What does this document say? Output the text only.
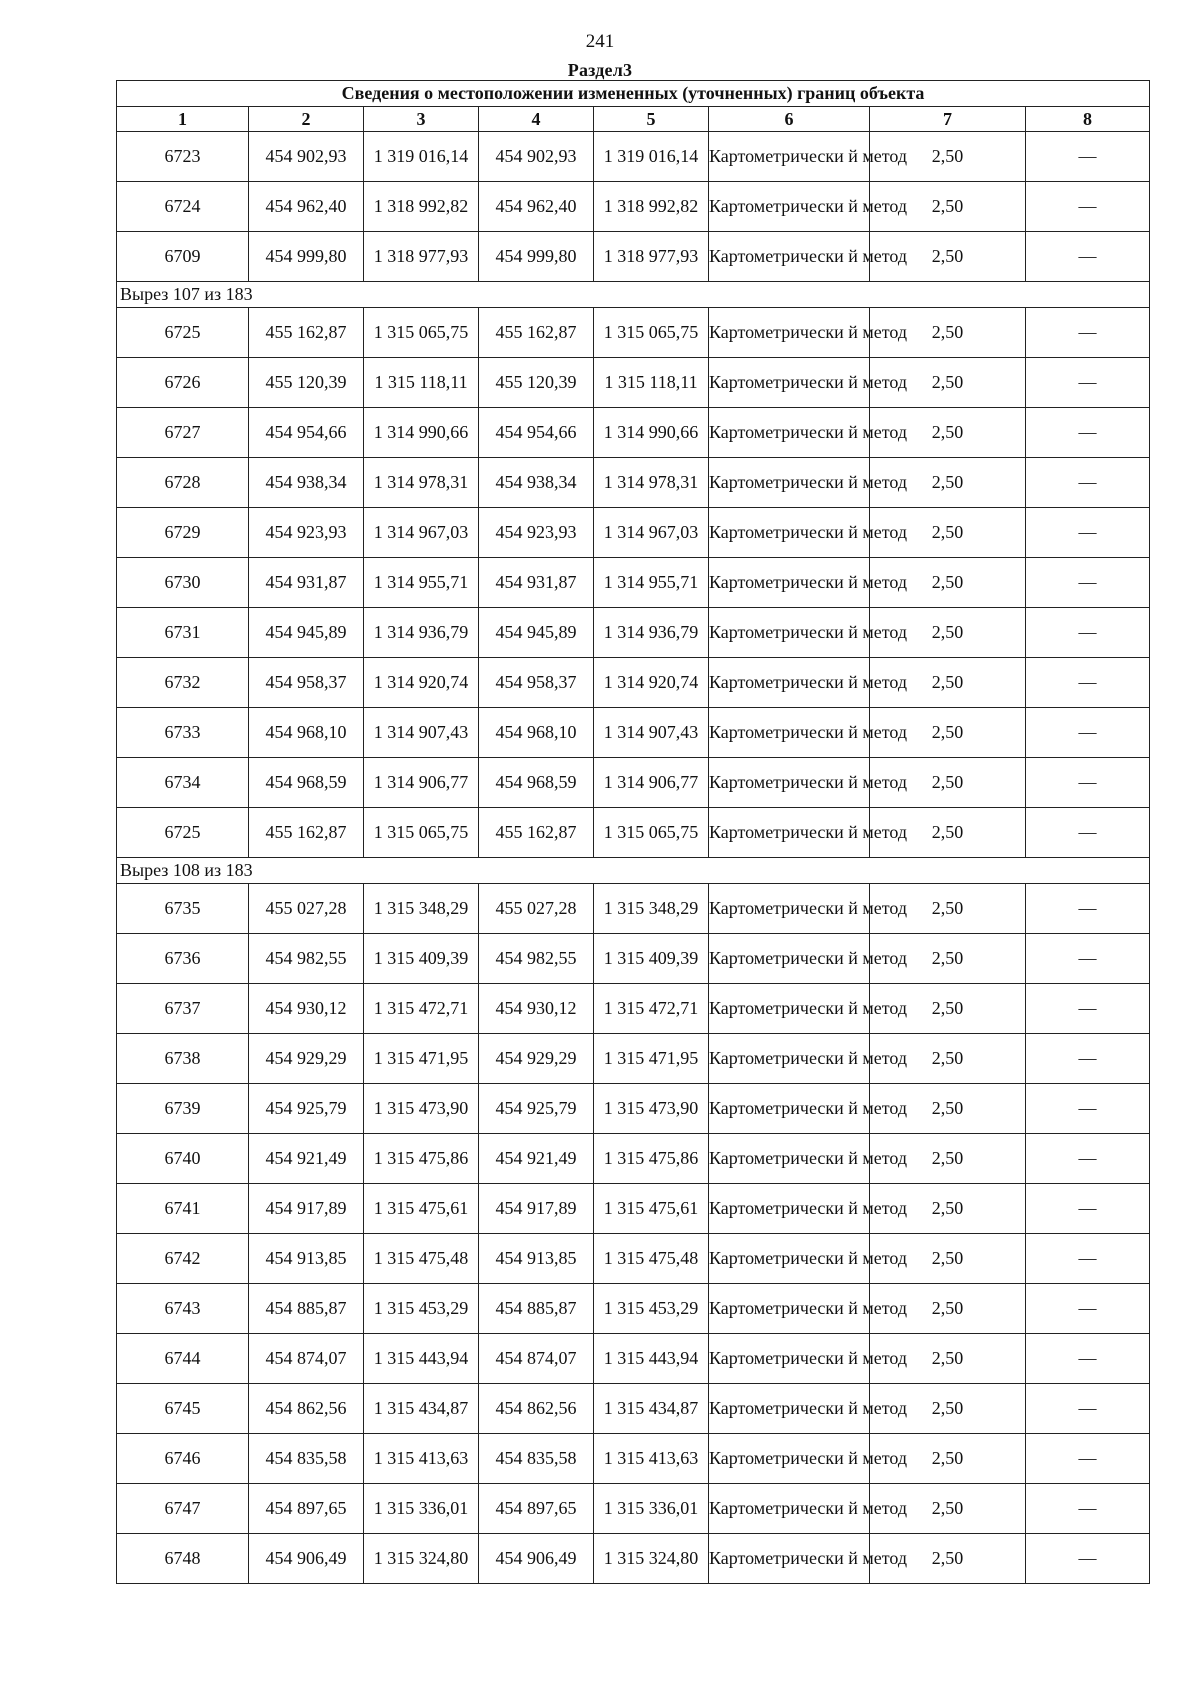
241
Раздел3
Сведения о местоположении измененных (уточненных) границ объекта							
1	2	3	4	5	6	7	8
6723	454 902,93	1 319 016,14	454 902,93	1 319 016,14	Картометрически й метод	2,50	—
6724	454 962,40	1 318 992,82	454 962,40	1 318 992,82	Картометрически й метод	2,50	—
6709	454 999,80	1 318 977,93	454 999,80	1 318 977,93	Картометрически й метод	2,50	—
Вырез 107 из 183							
6725	455 162,87	1 315 065,75	455 162,87	1 315 065,75	Картометрически й метод	2,50	—
6726	455 120,39	1 315 118,11	455 120,39	1 315 118,11	Картометрически й метод	2,50	—
6727	454 954,66	1 314 990,66	454 954,66	1 314 990,66	Картометрически й метод	2,50	—
6728	454 938,34	1 314 978,31	454 938,34	1 314 978,31	Картометрически й метод	2,50	—
6729	454 923,93	1 314 967,03	454 923,93	1 314 967,03	Картометрически й метод	2,50	—
6730	454 931,87	1 314 955,71	454 931,87	1 314 955,71	Картометрически й метод	2,50	—
6731	454 945,89	1 314 936,79	454 945,89	1 314 936,79	Картометрически й метод	2,50	—
6732	454 958,37	1 314 920,74	454 958,37	1 314 920,74	Картометрически й метод	2,50	—
6733	454 968,10	1 314 907,43	454 968,10	1 314 907,43	Картометрически й метод	2,50	—
6734	454 968,59	1 314 906,77	454 968,59	1 314 906,77	Картометрически й метод	2,50	—
6725	455 162,87	1 315 065,75	455 162,87	1 315 065,75	Картометрически й метод	2,50	—
Вырез 108 из 183							
6735	455 027,28	1 315 348,29	455 027,28	1 315 348,29	Картометрически й метод	2,50	—
6736	454 982,55	1 315 409,39	454 982,55	1 315 409,39	Картометрически й метод	2,50	—
6737	454 930,12	1 315 472,71	454 930,12	1 315 472,71	Картометрически й метод	2,50	—
6738	454 929,29	1 315 471,95	454 929,29	1 315 471,95	Картометрически й метод	2,50	—
6739	454 925,79	1 315 473,90	454 925,79	1 315 473,90	Картометрически й метод	2,50	—
6740	454 921,49	1 315 475,86	454 921,49	1 315 475,86	Картометрически й метод	2,50	—
6741	454 917,89	1 315 475,61	454 917,89	1 315 475,61	Картометрически й метод	2,50	—
6742	454 913,85	1 315 475,48	454 913,85	1 315 475,48	Картометрически й метод	2,50	—
6743	454 885,87	1 315 453,29	454 885,87	1 315 453,29	Картометрически й метод	2,50	—
6744	454 874,07	1 315 443,94	454 874,07	1 315 443,94	Картометрически й метод	2,50	—
6745	454 862,56	1 315 434,87	454 862,56	1 315 434,87	Картометрически й метод	2,50	—
6746	454 835,58	1 315 413,63	454 835,58	1 315 413,63	Картометрически й метод	2,50	—
6747	454 897,65	1 315 336,01	454 897,65	1 315 336,01	Картометрически й метод	2,50	—
6748	454 906,49	1 315 324,80	454 906,49	1 315 324,80	Картометрически й метод	2,50	—
